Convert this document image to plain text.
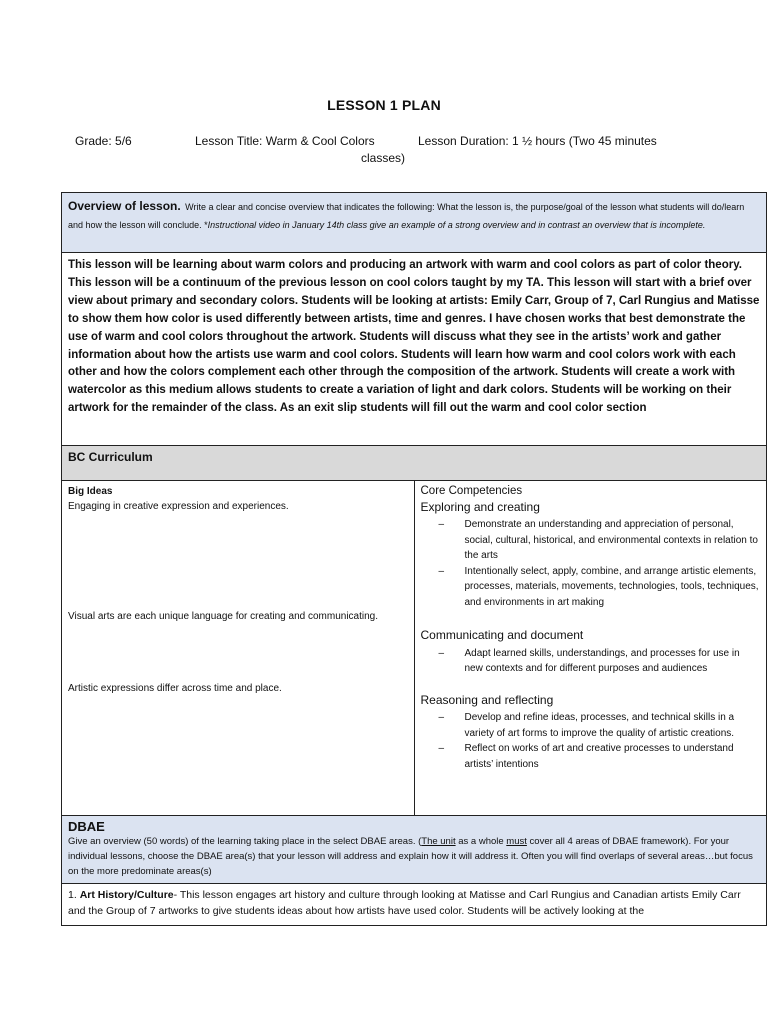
LESSON 1 PLAN
Grade: 5/6	Lesson Title: Warm & Cool Colors	Lesson Duration: 1 ½ hours (Two 45 minutes
classes)
Overview of lesson. Write a clear and concise overview that indicates the following: What the lesson is, the purpose/goal of the lesson what students will do/learn and how the lesson will conclude. *Instructional video in January 14th class give an example of a strong overview and in contrast an overview that is incomplete.
This lesson will be learning about warm colors and producing an artwork with warm and cool colors as part of color theory. This lesson will be a continuum of the previous lesson on cool colors taught by my TA. This lesson will start with a brief over view about primary and secondary colors. Students will be looking at artists: Emily Carr, Group of 7, Carl Rungius and Matisse to show them how color is used differently between artists, time and genres. I have chosen works that best demonstrate the use of warm and cool colors throughout the artwork. Students will discuss what they see in the artists’ work and gather information about how the artists use warm and cool colors. Students will learn how warm and cool colors work with each other and how the colors complement each other through the composition of the artwork. Students will create a work with watercolor as this medium allows students to create a variation of light and dark colors. Students will be working on their artwork for the remainder of the class. As an exit slip students will fill out the warm and cool color section
BC Curriculum

Big Ideas
Engaging in creative expression and experiences.
Visual arts are each unique language for creating and communicating.
Artistic expressions differ across time and place.

Core Competencies
Exploring and creating
– Demonstrate an understanding and appreciation of personal, social, cultural, historical, and environmental contexts in relation to the arts
– Intentionally select, apply, combine, and arrange artistic elements, processes, materials, movements, technologies, tools, techniques, and environments in art making
Communicating and document
– Adapt learned skills, understandings, and processes for use in new contexts and for different purposes and audiences
Reasoning and reflecting
– Develop and refine ideas, processes, and technical skills in a variety of art forms to improve the quality of artistic creations.
– Reflect on works of art and creative processes to understand artists’ intentions

DBAE
Give an overview (50 words) of the learning taking place in the select DBAE areas. (The unit as a whole must cover all 4 areas of DBAE framework). For your individual lessons, choose the DBAE area(s) that your lesson will address and explain how it will address it. Often you will find overlaps of several areas…but focus on the more predominate areas(s)

1. Art History/Culture- This lesson engages art history and culture through looking at Matisse and Carl Rungius and Canadian artists Emily Carr and the Group of 7 artworks to give students ideas about how artists have used color. Students will be actively looking at the
